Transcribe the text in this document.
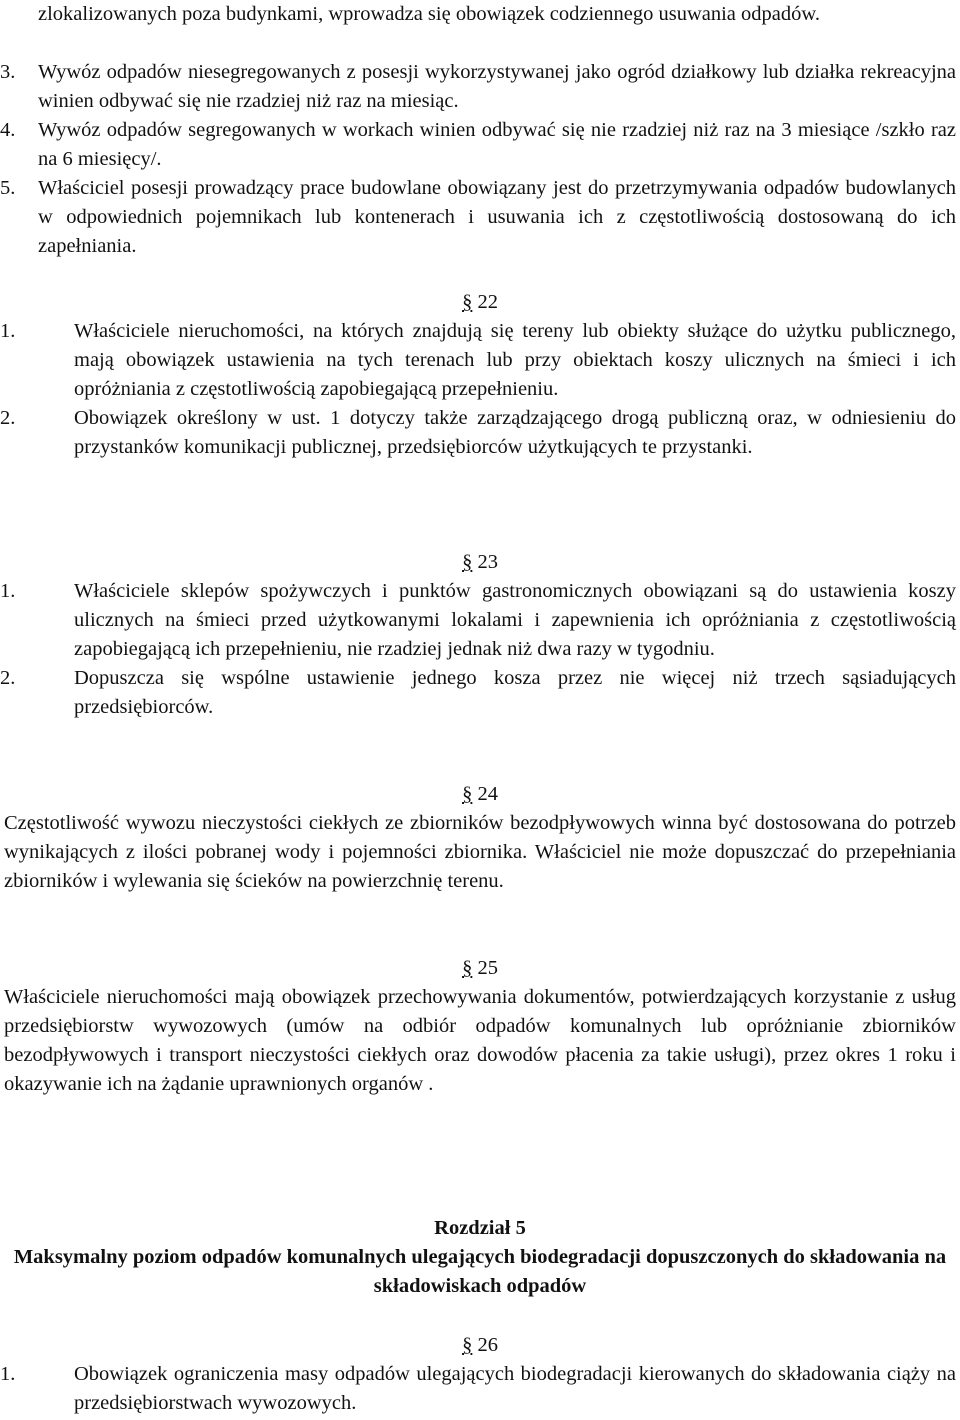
zlokalizowanych poza budynkami, wprowadza się obowiązek codziennego usuwania odpadów.

3.	Wywóz odpadów niesegregowanych z posesji wykorzystywanej jako ogród działkowy lub działka rekreacyjna winien odbywać się nie rzadziej niż raz na miesiąc.
4.	Wywóz odpadów segregowanych w workach winien odbywać się nie rzadziej niż raz na 3 miesiące /szkło raz na 6 miesięcy/.
5.	Właściciel posesji prowadzący prace budowlane obowiązany jest do przetrzymywania odpadów budowlanych w odpowiednich pojemnikach lub kontenerach i usuwania ich z częstotliwością dostosowaną do ich zapełniania.
§ 22
1.	Właściciele nieruchomości, na których znajdują się tereny lub obiekty służące do użytku publicznego, mają obowiązek ustawienia na tych terenach lub przy obiektach koszy ulicznych na śmieci i ich opróżniania z częstotliwością zapobiegającą przepełnieniu.
2.	Obowiązek określony w ust. 1 dotyczy także zarządzającego drogą publiczną oraz, w odniesieniu do przystanków komunikacji publicznej, przedsiębiorców użytkujących te przystanki.
§ 23
1.	Właściciele sklepów spożywczych i punktów gastronomicznych obowiązani są do ustawienia koszy ulicznych na śmieci przed użytkowanymi lokalami i zapewnienia ich opróżniania z częstotliwością zapobiegającą ich przepełnieniu, nie rzadziej jednak niż dwa razy w tygodniu.
2.	Dopuszcza się wspólne ustawienie jednego kosza przez nie więcej niż trzech sąsiadujących przedsiębiorców.
§ 24

Częstotliwość wywozu nieczystości ciekłych ze zbiorników bezodpływowych winna być dostosowana do potrzeb wynikających z ilości pobranej wody i pojemności zbiornika. Właściciel nie może dopuszczać do przepełniania zbiorników i wylewania się ścieków na powierzchnię terenu.

§ 25

Właściciele nieruchomości mają obowiązek przechowywania dokumentów, potwierdzających korzystanie z usług przedsiębiorstw wywozowych (umów na odbiór odpadów komunalnych lub opróżnianie zbiorników bezodpływowych i transport nieczystości ciekłych oraz dowodów płacenia za takie usługi), przez okres 1 roku i okazywanie ich na żądanie uprawnionych organów .

Rozdział 5

Maksymalny poziom odpadów komunalnych ulegających biodegradacji dopuszczonych do składowania na składowiskach odpadów

§ 26
1.	Obowiązek ograniczenia masy odpadów ulegających biodegradacji kierowanych do składowania ciąży na przedsiębiorstwach wywozowych.
